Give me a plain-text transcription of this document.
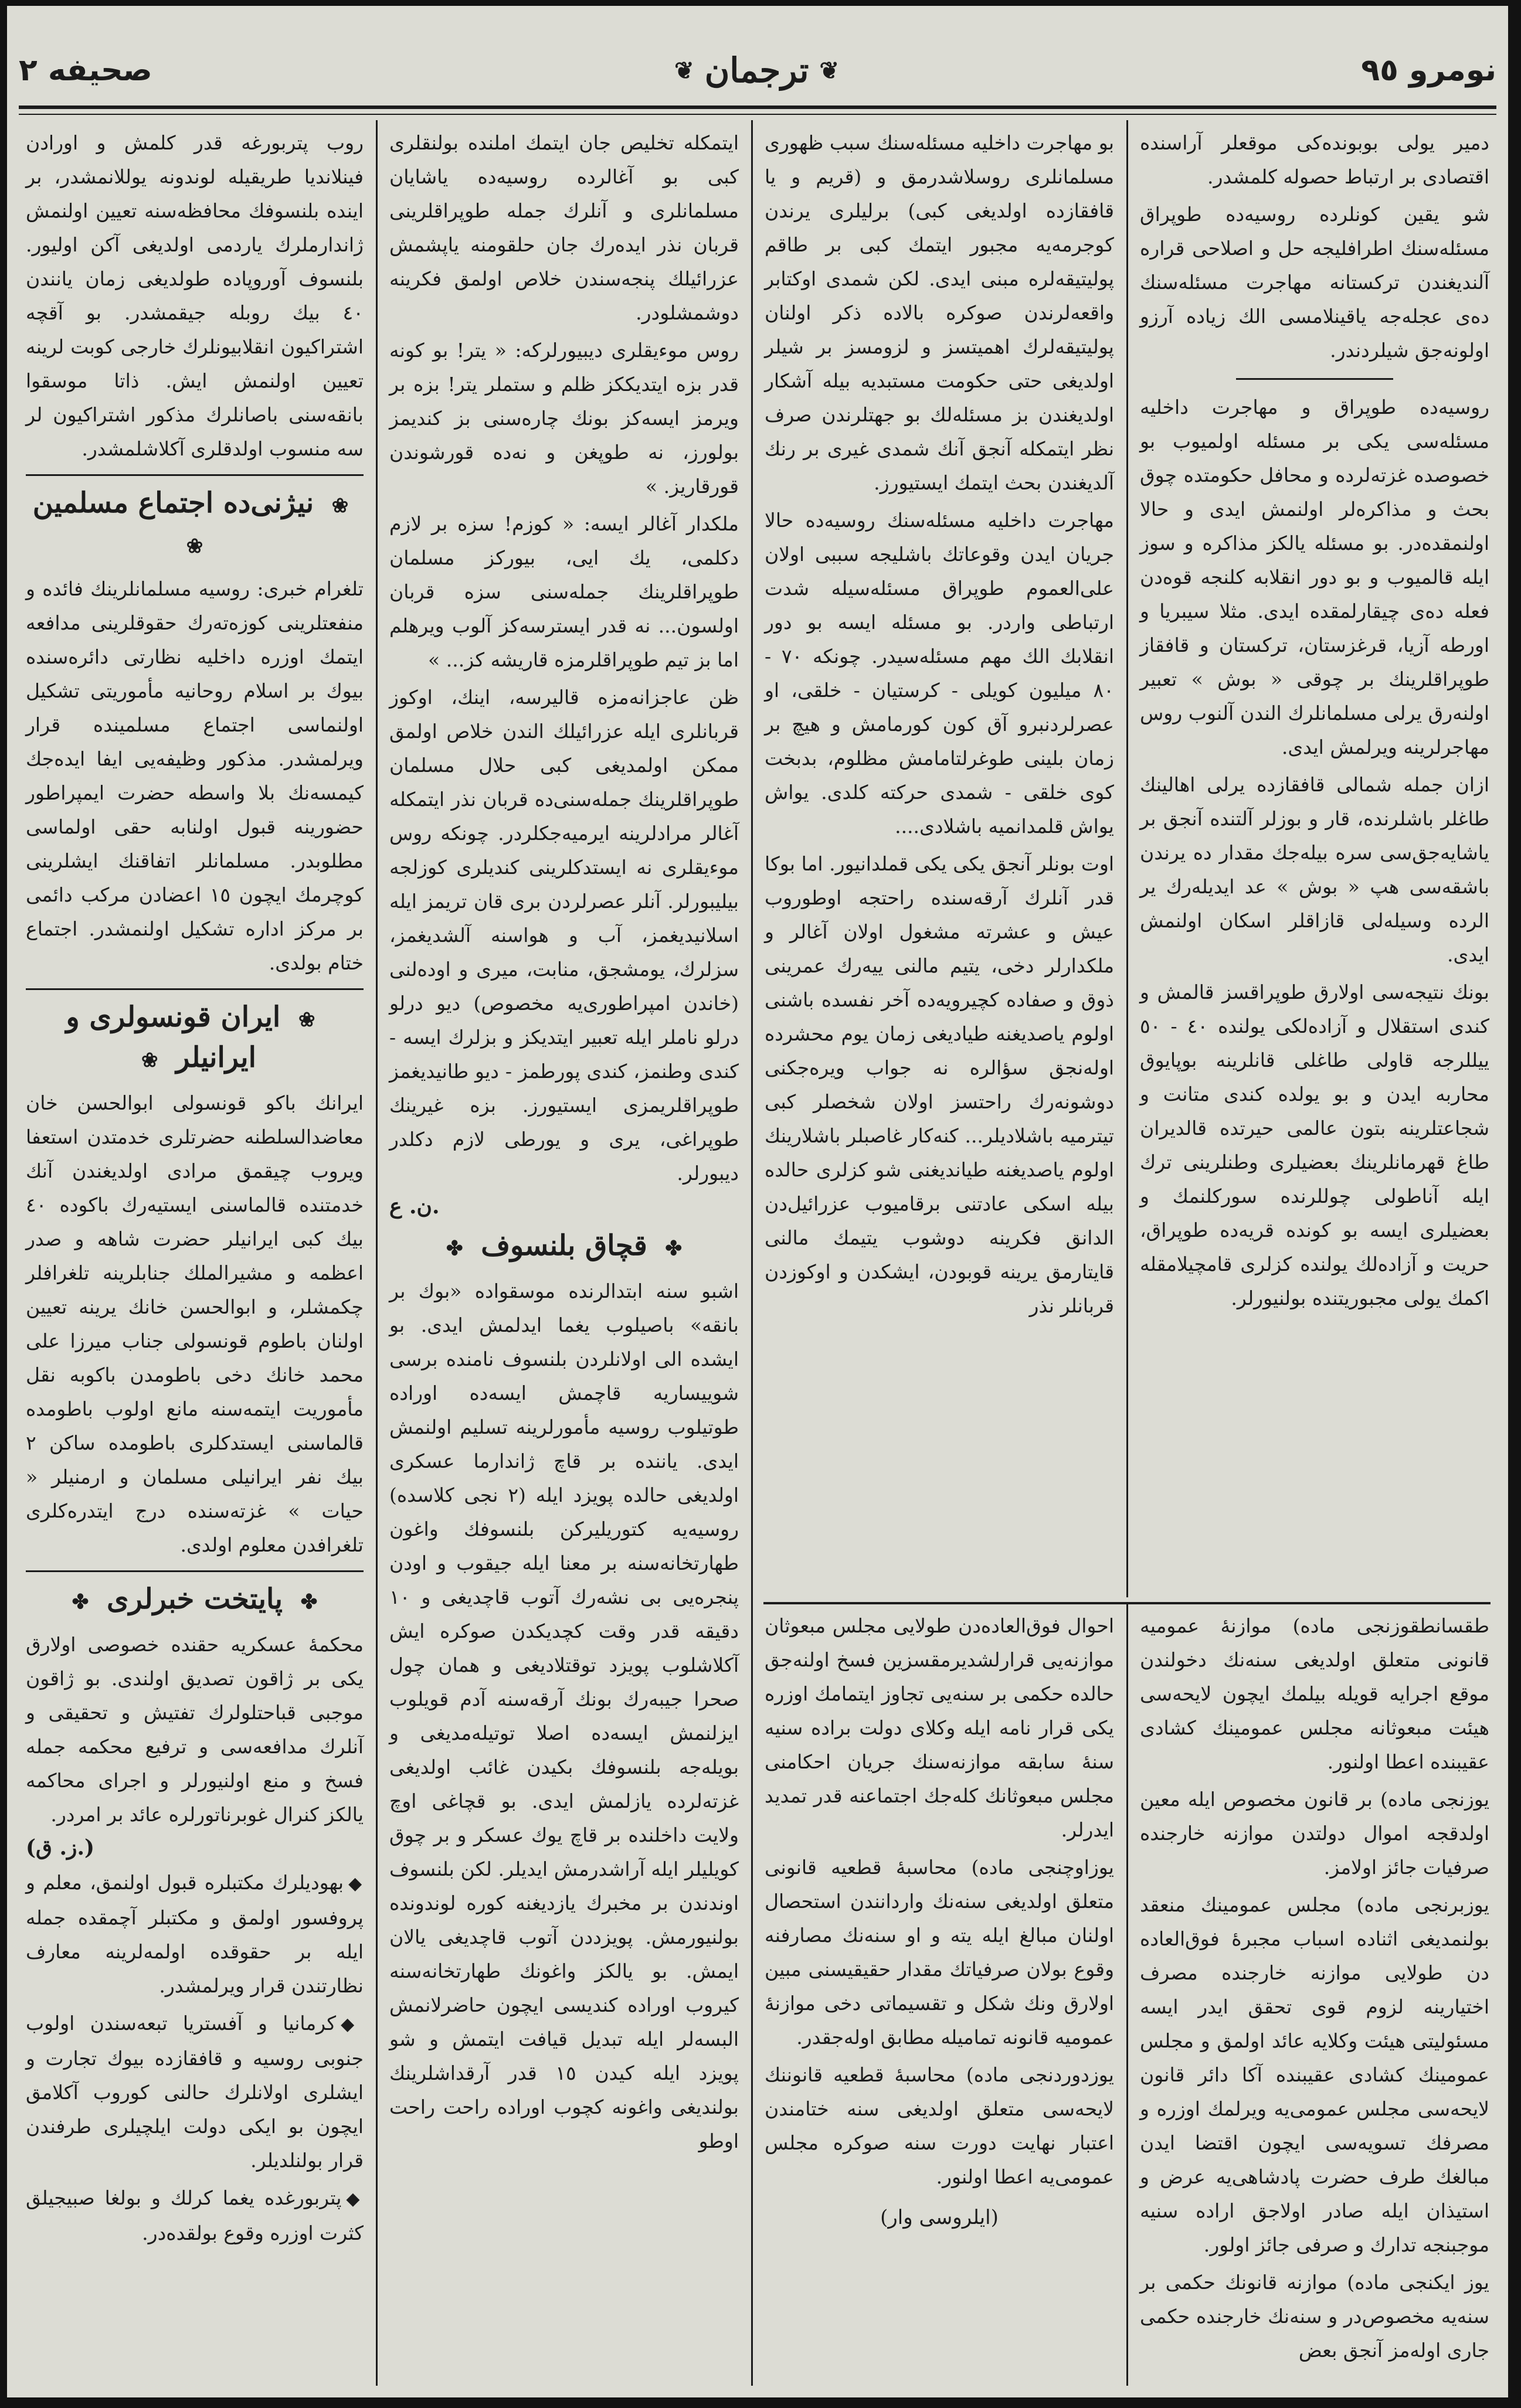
نومرو ٩٥
❦
ترجمان
❦
صحیفه ٢

دمیر یولی بوبونده‌کی موقعلر آراسنده اقتصادی بر ارتباط حصوله کلمشدر.

شو یقین کونلرده روسیه‌ده طوپراق مسئله‌سنك اطرافلیجه حل و اصلاحی قراره آلندیغندن ترکستانه مهاجرت مسئله‌سنك ده‌ی عجله‌جه یاقینلامسی الك زیاده آرزو اولونه‌جق شیلردندر.

روسیه‌ده طوپراق و مهاجرت داخلیه مسئله‌سی یکی بر مسئله اولمیوب بو خصوصده غزته‌لرده و محافل حکومتده چوق بحث و مذاکره‌لر اولنمش ایدی و حالا اولنمقده‌در. بو مسئله یالکز مذاکره و سوز ایله قالمیوب و بو دور انقلابه کلنجه قوه‌دن فعله ده‌ی چیقارلمقده ایدی. مثلا سیبریا و اورطه آزیا، قرغزستان، ترکستان و قافقاز طوپراقلرینك بر چوقی « بوش » تعبیر اولنه‌رق یرلی مسلمانلرك الندن آلنوب روس مهاجرلرینه ویرلمش ایدی.

ازان جمله شمالی قافقازده یرلی اهالینك طاغلر باشلرنده، قار و بوزلر آلتنده آنجق بر یاشایه‌جق‌سی سره بیله‌جك مقدار ده یرندن باشقه‌سی هپ « بوش » عد ایدیله‌رك یر الرده وسیله‌لی قازاقلر اسکان اولنمش ایدی.

بونك نتیجه‌سی اولارق طوپراقسز قالمش و کندی استقلال و آزاده‌لکی یولنده ٤٠ - ٥٠ ییللرجه قاولی طاغلی قانلرینه بوپایوق محاربه ایدن و بو یولده کندی متانت و شجاعتلرینه بتون عالمی حیرتده قالدیران طاغ قهرمانلرینك بعضیلری وطنلرینی ترك ایله آناطولی چوللرنده سورکلنمك و بعضیلری ایسه بو کونده قریه‌ده طوپراق، حریت و آزاده‌لك یولنده کزلری قامچیلامقله اکمك یولی مجبوریتنده بولنیورلر.

بو مهاجرت داخلیه مسئله‌سنك سبب ظهوری مسلمانلری روسلاشدرمق و (قریم و یا قافقازده اولدیغی کبی) برلیلری یرندن کوجرمه‌یه مجبور ایتمك کبی بر طاقم پولیتیقه‌لره مبنی ایدی. لکن شمدی اوکتابر واقعه‌لرندن صوکره بالاده ذکر اولنان پولیتیقه‌لرك اهمیتسز و لزومسز بر شیلر اولدیغی حتی حکومت مستبدیه بیله آشکار اولدیغندن بز مسئله‌لك بو جهتلرندن صرف نظر ایتمکله آنجق آنك شمدی غیری بر رنك آلدیغندن بحث ایتمك ایستیورز.

مهاجرت داخلیه مسئله‌سنك روسیه‌ده حالا جریان ایدن وقوعاتك باشلیجه سببی اولان علی‌العموم طوپراق مسئله‌سیله شدت ارتباطی واردر. بو مسئله ایسه بو دور انقلابك الك مهم مسئله‌سیدر. چونکه ٧٠ - ٨٠ میلیون کویلی - کرستیان - خلقی، او عصرلردنبرو آق کون کورمامش و هیچ بر زمان بلینی طوغرلتامامش مظلوم، بدبخت کوی خلقی - شمدی حرکته کلدی. یواش یواش قلمدانمیه باشلادی....

اوت بونلر آنجق یکی یکی قملدانیور. اما بوکا قدر آنلرك آرقه‌سنده راحتجه اوطوروب عیش و عشرته مشغول اولان آغالر و ملکدارلر دخی، یتیم مالنی ییه‌رك عمرینی ذوق و صفاده کچیرویه‌ده آخر نفسده باشنی اولوم یاصدیغنه طیادیغی زمان یوم محشرده اوله‌نجق سؤالره نه جواب ویره‌جکنی دوشونه‌رك راحتسز اولان شخصلر کبی تیترمیه باشلادیلر... کنه‌کار غاصبلر باشلارینك اولوم یاصدیغنه طیاندیغنی شو کزلری حالده بیله اسکی عادتنی برقامیوب عزرائیل‌دن الدانق فکرینه دوشوب یتیمك مالنی قایتارمق یرینه قوبودن، ایشکدن و اوکوزدن قربانلر نذر

طقسانطقوزنجی ماده) موازنهٔ عمومیه قانونی متعلق اولدیغی سنه‌نك دخولندن موقع اجرایه قویله بیلمك ایچون لایحه‌سی هیئت مبعوثانه مجلس عمومینك کشادی عقیبنده اعطا اولنور.

یوزنجی ماده) بر قانون مخصوص ایله معین اولدقجه اموال دولتدن موازنه خارجنده صرفیات جائز اولامز.

یوزبرنجی ماده) مجلس عمومینك منعقد بولنمدیغی اثناده اسباب مجبرهٔ فوق‌العاده دن طولایی موازنه خارجنده مصرف اختیارینه لزوم قوی تحقق ایدر ایسه مسئولیتی هیئت وکلایه عائد اولمق و مجلس عمومینك کشادی عقیبنده آکا دائر قانون لایحه‌سی مجلس عمومی‌یه ویرلمك اوزره و مصرفك تسویه‌سی ایچون اقتضا ایدن مبالغك طرف حضرت پادشاهی‌یه عرض و استیذان ایله صادر اولاجق اراده سنیه موجبنجه تدارك و صرفی جائز اولور.

یوز ایکنجی ماده) موازنه قانونك حکمی بر سنه‌یه مخصوص‌در و سنه‌نك خارجنده حکمی جاری اوله‌مز آنجق بعض

احوال فوق‌العاده‌دن طولایی مجلس مبعوثان موازنه‌یی قرارلشدیرمقسزین فسخ اولنه‌جق حالده حکمی بر سنه‌یی تجاوز ایتمامك اوزره یکی قرار نامه ایله وکلای دولت براده سنیه سنهٔ سابقه موازنه‌سنك جریان احکامنی مجلس مبعوثانك کله‌جك اجتماعنه قدر تمدید ایدرلر.

یوزاوچنجی ماده) محاسبهٔ قطعیه قانونی متعلق اولدیغی سنه‌نك واردانندن استحصال اولنان مبالغ ایله یته و او سنه‌نك مصارفنه وقوع بولان صرفیاتك مقدار حقیقیسنی مبین اولارق ونك شکل و تقسیماتی دخی موازنهٔ عمومیه قانونه تمامیله مطابق اوله‌جقدر.

یوزدوردنجی ماده) محاسبهٔ قطعیه قانوننك لایحه‌سی متعلق اولدیغی سنه ختامندن اعتبار نهایت دورت سنه صوکره مجلس عمومی‌یه اعطا اولنور.

(ایلروسی وار)

ایتمکله تخلیص جان ایتمك املنده بولنقلری کبی بو آغالرده روسیه‌ده یاشایان مسلمانلری و آنلرك جمله طوپراقلرینی قربان نذر ایده‌رك جان حلقومنه یاپشمش عزرائیلك پنجه‌سندن خلاص اولمق فکرینه دوشمشلودر.

روس موءیقلری دیبیورلرکه: « یتر! بو کونه قدر بزه ایتدیککز ظلم و ستملر یتر! بزه بر ویرمز ایسه‌کز بونك چاره‌سنی بز کندیمز بولورز، نه طوپغن و نه‌ده قورشوندن قورقاریز. »

ملکدار آغالر ایسه: « کوزم! سزه بر لازم دکلمی، یك ایی، بیورکز مسلمان طوپراقلرینك جمله‌سنی سزه قربان اولسون... نه قدر ایسترسه‌کز آلوب ویرهلم اما بز تیم طوپراقلرمزه قاریشه کز... »

ظن عاجزانه‌مزه قالیرسه، اینك، اوکوز قربانلری ایله عزرائیلك الندن خلاص اولمق ممکن اولمدیغی کبی حلال مسلمان طوپراقلرینك جمله‌سنی‌ده قربان نذر ایتمکله آغالر مرادلرینه ایرمیه‌جکلردر. چونکه روس موءیقلری نه ایستدکلرینی کندیلری کوزلجه بیلیبورلر. آنلر عصرلردن بری قان تریمز ایله اسلانیدیغمز، آب و هواسنه آلشدیغمز، سزلرك، یومشجق، منابت، میری و اوده‌لنی (خاندن امپراطوری‌یه مخصوص) دیو درلو درلو ناملر ایله تعبیر ایتدیکز و بزلرك ایسه - کندی وطنمز، کندی پورطمز - دیو طانیدیغمز طوپراقلریمزی ایستیورز. بزه غیرینك طوپراغی، یری و یورطی لازم دکلدر دیبورلر.

ن. ع.
✤ قچاق بلنسوف ✤

اشبو سنه ابتدالرنده موسقواده «بوك بر بانقه» باصیلوب یغما ایدلمش ایدی. بو ایشده الی اولانلردن بلنسوف نامنده برسی شوییساریه قاچمش ایسه‌ده اوراده طوتیلوب روسیه مأمورلرینه تسلیم اولنمش ایدی. یاننده بر قاچ ژاندارما عسکری اولدیغی حالده پویزد ایله (٢ نجی کلاسده) روسیه‌یه کتوریلیرکن بلنسوفك واغون طهارتخانه‌سنه بر معنا ایله جیقوب و اودن پنجره‌یی بی نشه‌رك آتوب قاچدیغی و ١٠ دقیقه قدر وقت کچدیکدن صوکره ایش آکلاشلوب پویزد توقتلادیغی و همان چول صحرا جیبه‌رك بونك آرقه‌سنه آدم قویلوب ایزلنمش ایسه‌ده اصلا توتیله‌مدیغی و بویله‌جه بلنسوفك بکیدن غائب اولدیغی غزته‌لرده یازلمش ایدی. بو قچاغی اوچ ولایت داخلنده بر قاچ یوك عسکر و بر چوق کویلیلر ایله آراشدرمش ایدیلر. لکن بلنسوف اوندندن بر مخبرك یازدیغنه کوره لوندونده بولنیورمش. پویزددن آتوب قاچدیغی یالان ایمش. بو یالکز واغونك طهارتخانه‌سنه کیروب اوراده کندیسی ایچون حاضرلانمش البسه‌لر ایله تبدیل قیافت ایتمش و شو پویزد ایله کیدن ١٥ قدر آرقداشلرینك بولندیغی واغونه کچوب اوراده راحت راحت اوطو

روب پتربورغه قدر کلمش و اورادن فینلاندیا طریقیله لوندونه یوللانمشدر، بر اینده بلنسوفك محافظه‌سنه تعیین اولنمش ژاندارملرك یاردمی اولدیغی آکن اولیور. بلنسوف آوروپاده طولدیغی زمان یانندن ٤٠ بیك روبله جیقمشدر. بو آقچه اشتراکیون انقلابیونلرك خارجی کوبت لرینه تعیین اولنمش ایش. ذاتا موسقوا بانقه‌سنی باصانلرك مذکور اشتراکیون لر سه منسوب اولدقلری آکلاشلمشدر.

❀ نیژنی‌ده اجتماع مسلمین ❀

تلغرام خبری: روسیه مسلمانلرینك فائده و منفعتلرینی کوزه‌ته‌رك حقوقلرینی مدافعه ایتمك اوزره داخلیه نظارتی دائره‌سنده بیوك بر اسلام روحانیه مأموریتی تشکیل اولنماسی اجتماع مسلمینده قرار ویرلمشدر. مذکور وظیفه‌یی ایفا ایده‌جك کیمسه‌نك بلا واسطه حضرت ایمپراطور حضورینه قبول اولنابه حقی اولماسی مطلوبدر. مسلمانلر اتفاقنك ایشلرینی کوچرمك ایچون ١٥ اعضادن مرکب دائمی بر مرکز اداره تشکیل اولنمشدر. اجتماع ختام بولدی.

❀ ایران قونسولری و ایرانیلر ❀

ایرانك باکو قونسولی ابوالحسن خان معاضدالسلطنه حضرتلری خدمتدن استعفا ویروب چیقمق مرادی اولدیغندن آنك خدمتنده قالماسنی ایستیه‌رك باکوده ٤٠ بیك کبی ایرانیلر حضرت شاهه و صدر اعظمه و مشیرالملك جنابلرینه تلغرافلر چکمشلر، و ابوالحسن خانك یرینه تعیین اولنان باطوم قونسولی جناب میرزا علی محمد خانك دخی باطومدن باکوبه نقل مأموریت ایتمه‌سنه مانع اولوب باطومده قالماسنی ایستدکلری باطومده ساکن ٢ بیك نفر ایرانیلی مسلمان و ارمنیلر « حیات » غزته‌سنده درج ایتدره‌کلری تلغرافدن معلوم اولدی.

✤ پایتخت خبرلری ✤

محکمهٔ عسکریه حقنده خصوصی اولارق یکی بر ژاقون تصدیق اولندی. بو ژاقون موجبی قباحتلولرك تفتیش و تحقیقی و آنلرك مدافعه‌سی و ترفیع محکمه جمله فسخ و منع اولنیورلر و اجرای محاکمه یالکز کنرال غوبرناتورلره عائد بر امردر.

(ز. ق.)

◆بهودیلرك مکتبلره قبول اولنمق، معلم و پروفسور اولمق و مکتبلر آچمقده جمله ایله بر حقوقده اولمه‌لرینه معارف نظارتندن قرار ویرلمشدر.

◆کرمانیا و آفستریا تبعه‌سندن اولوب جنوبی روسیه و قافقازده بیوك تجارت و ایشلری اولانلرك حالنی کوروب آکلامق ایچون بو ایکی دولت ایلچیلری طرفندن قرار بولنلدیلر.

◆پتربورغده یغما کرلك و بولغا صبیجیلق کثرت اوزره وقوع بولقده‌در.
